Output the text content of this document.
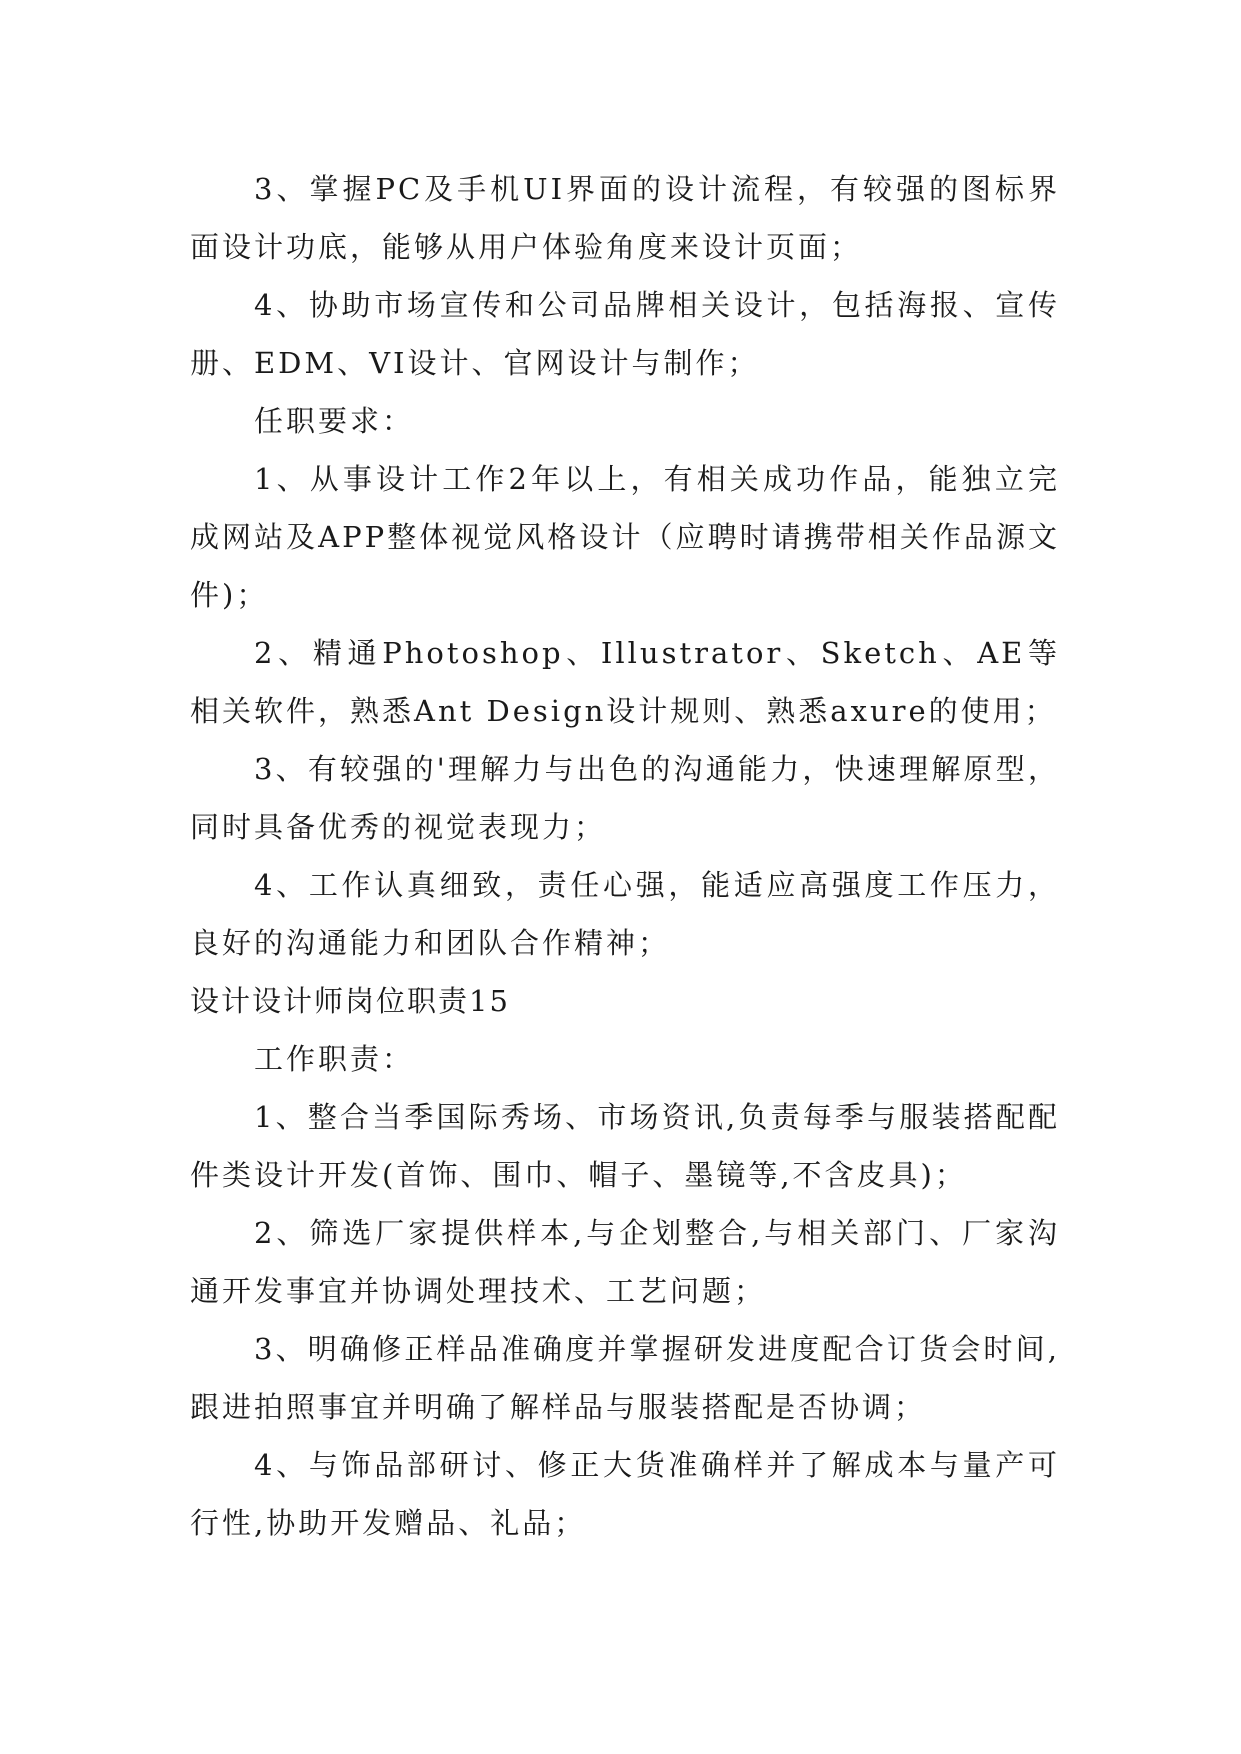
3、掌握PC及手机UI界面的设计流程，有较强的图标界面设计功底，能够从用户体验角度来设计页面；

4、协助市场宣传和公司品牌相关设计，包括海报、宣传册、EDM、VI设计、官网设计与制作；

任职要求：

1、从事设计工作2年以上，有相关成功作品，能独立完成网站及APP整体视觉风格设计（应聘时请携带相关作品源文件)；

2、精通Photoshop、Illustrator、Sketch、AE等相关软件，熟悉Ant Design设计规则、熟悉axure的使用；

3、有较强的'理解力与出色的沟通能力，快速理解原型，同时具备优秀的视觉表现力；

4、工作认真细致，责任心强，能适应高强度工作压力，良好的沟通能力和团队合作精神；

设计设计师岗位职责15

工作职责：

1、整合当季国际秀场、市场资讯,负责每季与服装搭配配件类设计开发(首饰、围巾、帽子、墨镜等,不含皮具)；

2、筛选厂家提供样本,与企划整合,与相关部门、厂家沟通开发事宜并协调处理技术、工艺问题；

3、明确修正样品准确度并掌握研发进度配合订货会时间,跟进拍照事宜并明确了解样品与服装搭配是否协调；

4、与饰品部研讨、修正大货准确样并了解成本与量产可行性,协助开发赠品、礼品；
